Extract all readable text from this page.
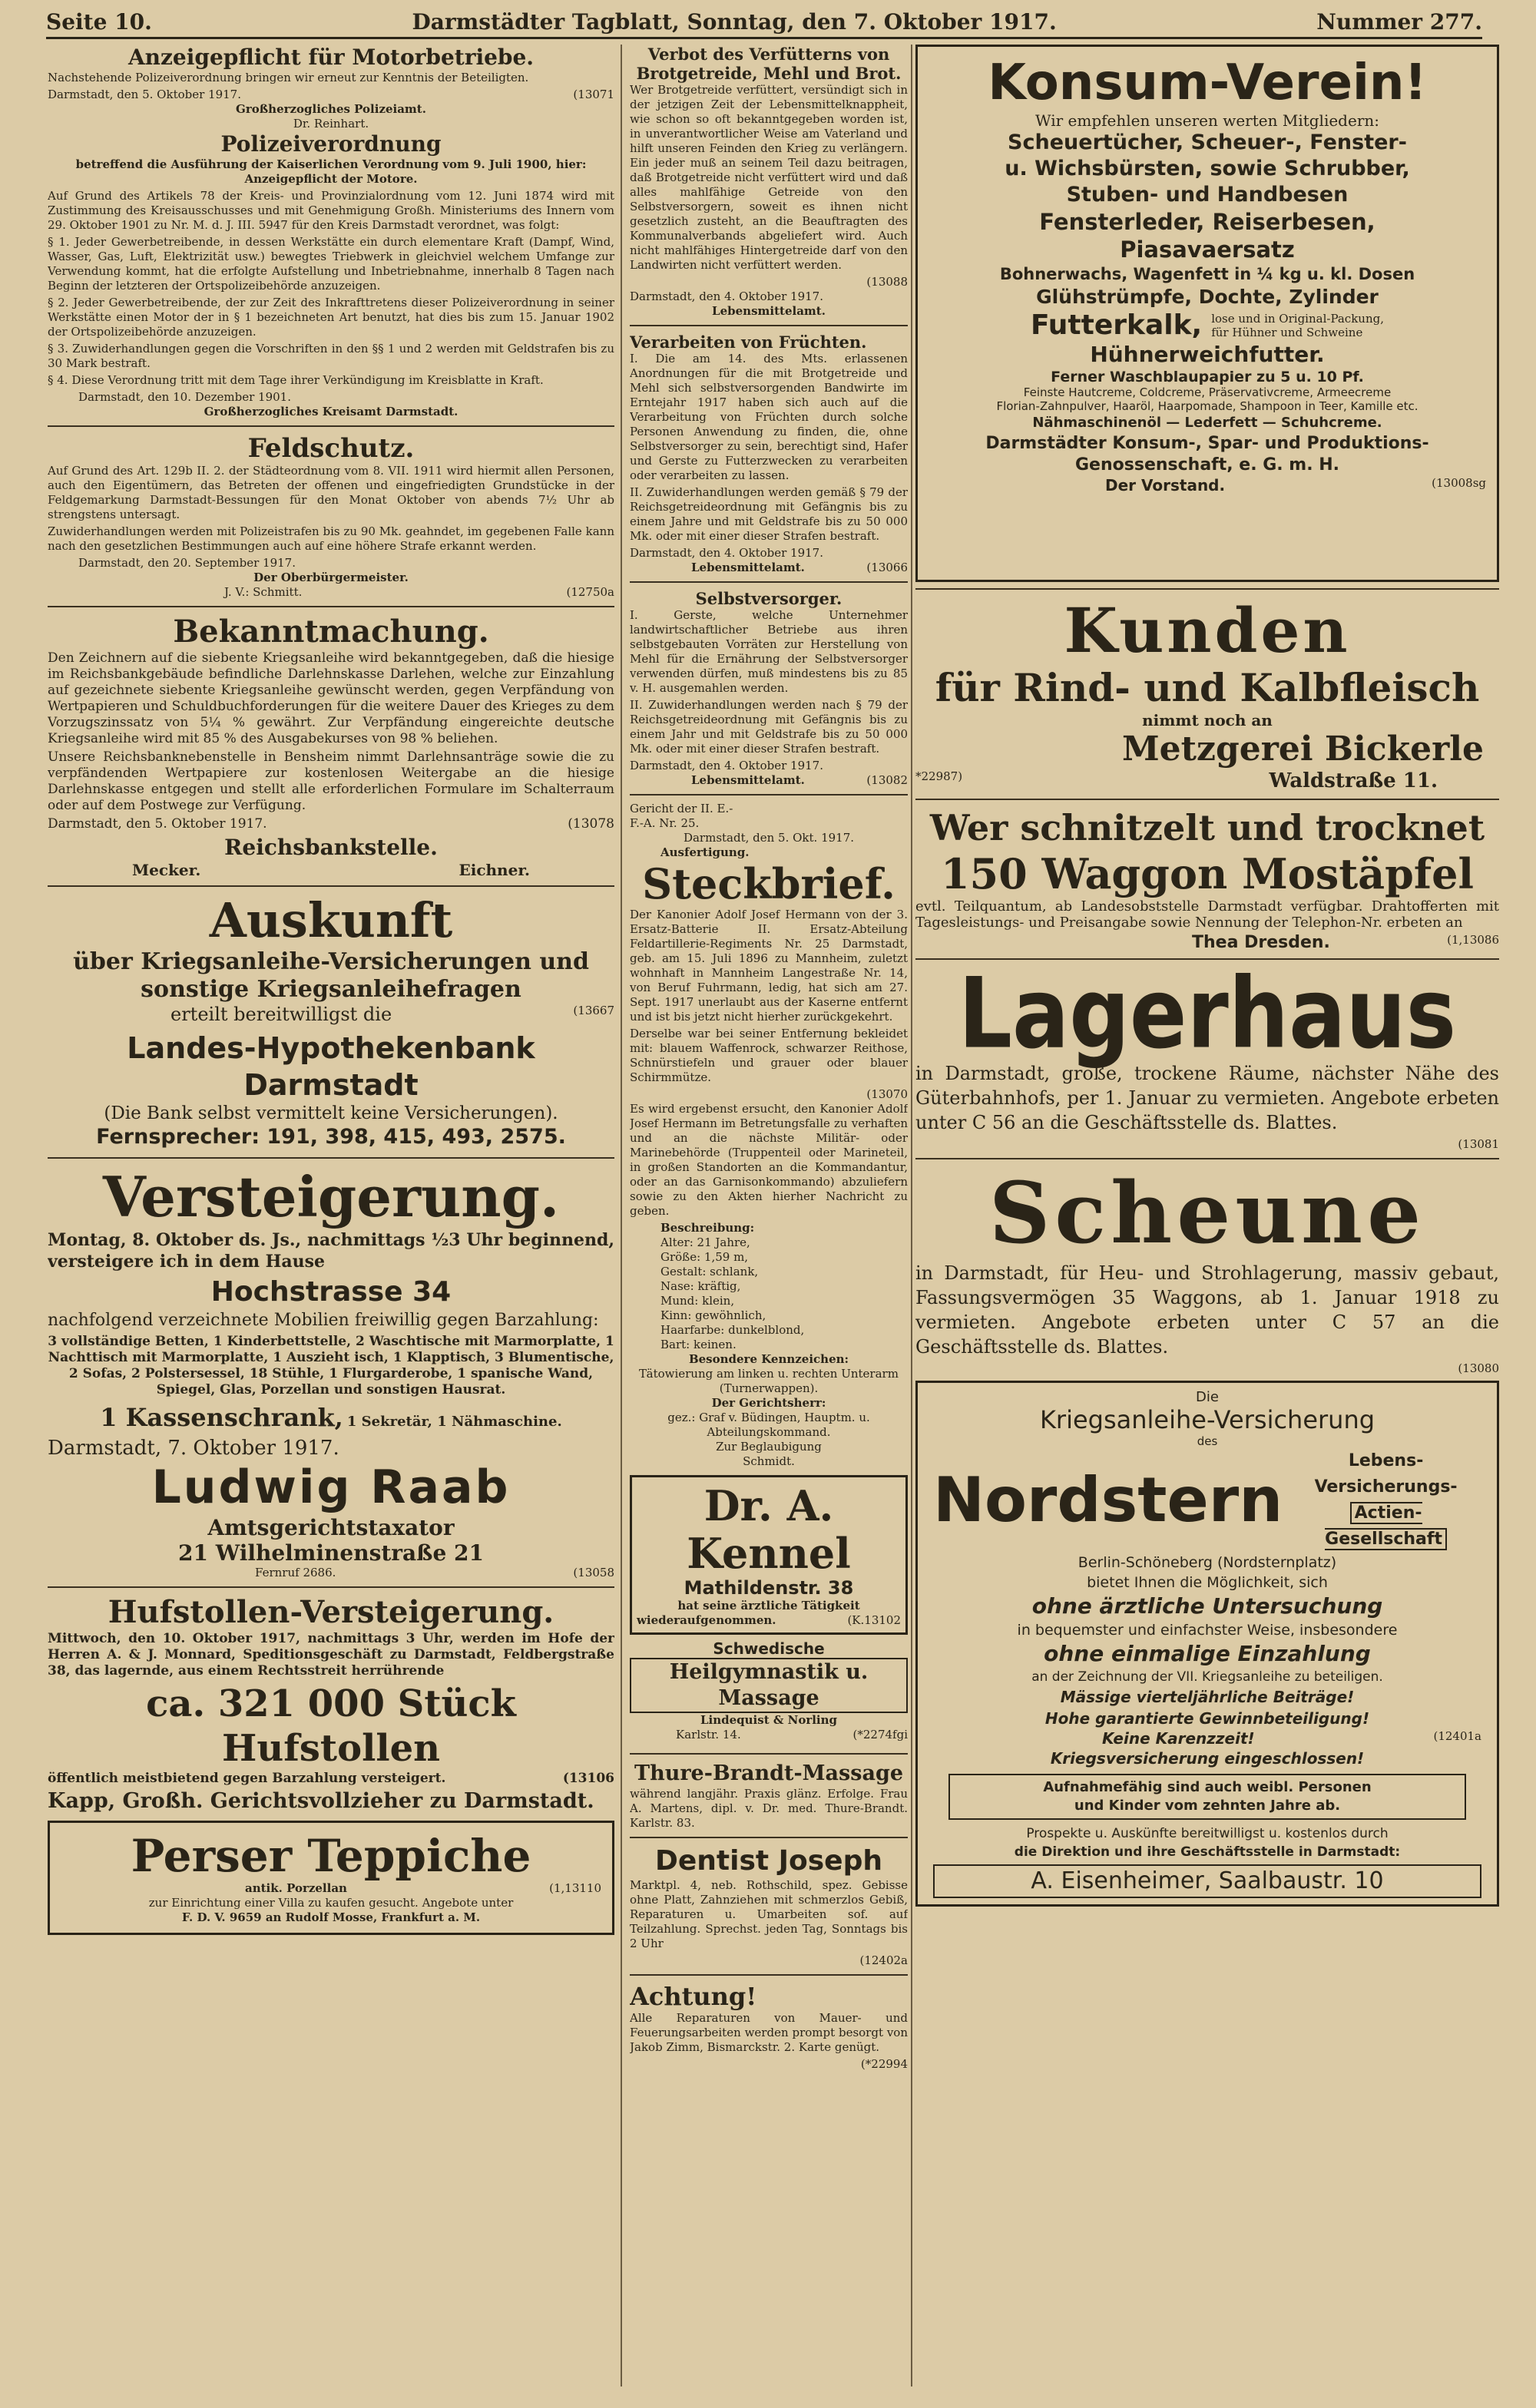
Seite 10.	Darmstädter Tagblatt, Sonntag, den 7. Oktober 1917.	Nummer 277.
Anzeigepflicht für Motorbetriebe.

Nachstehende Polizeiverordnung bringen wir erneut zur Kenntnis der Beteiligten.

Darmstadt, den 5. Oktober 1917.	(13071
Großherzogliches Polizeiamt.
Dr. Reinhart.
Polizeiverordnung

betreffend die Ausführung der Kaiserlichen Verordnung vom 9. Juli 1900, hier: Anzeigepflicht der Motore.

Auf Grund des Artikels 78 der Kreis- und Provinzialordnung vom 12. Juni 1874 wird mit Zustimmung des Kreisausschusses und mit Genehmigung Großh. Ministeriums des Innern vom 29. Oktober 1901 zu Nr. M. d. J. III. 5947 für den Kreis Darmstadt verordnet, was folgt:

§ 1. Jeder Gewerbetreibende, in dessen Werkstätte ein durch elementare Kraft (Dampf, Wind, Wasser, Gas, Luft, Elektrizität usw.) bewegtes Triebwerk in gleichviel welchem Umfange zur Verwendung kommt, hat die erfolgte Aufstellung und Inbetriebnahme, innerhalb 8 Tagen nach Beginn der letzteren der Ortspolizeibehörde anzuzeigen.

§ 2. Jeder Gewerbetreibende, der zur Zeit des Inkrafttretens dieser Polizeiverordnung in seiner Werkstätte einen Motor der in § 1 bezeichneten Art benutzt, hat dies bis zum 15. Januar 1902 der Ortspolizeibehörde anzuzeigen.

§ 3. Zuwiderhandlungen gegen die Vorschriften in den §§ 1 und 2 werden mit Geldstrafen bis zu 30 Mark bestraft.

§ 4. Diese Verordnung tritt mit dem Tage ihrer Verkündigung im Kreisblatte in Kraft.

Darmstadt, den 10. Dezember 1901.
Großherzogliches Kreisamt Darmstadt.
Feldschutz.

Auf Grund des Art. 129b II. 2. der Städteordnung vom 8. VII. 1911 wird hiermit allen Personen, auch den Eigentümern, das Betreten der offenen und eingefriedigten Grundstücke in der Feldgemarkung Darmstadt-Bessungen für den Monat Oktober von abends 7½ Uhr ab strengstens untersagt.

Zuwiderhandlungen werden mit Polizeistrafen bis zu 90 Mk. geahndet, im gegebenen Falle kann nach den gesetzlichen Bestimmungen auch auf eine höhere Strafe erkannt werden.

Darmstadt, den 20. September 1917.
Der Oberbürgermeister.
J. V.: Schmitt.	(12750a
Bekanntmachung.

Den Zeichnern auf die siebente Kriegsanleihe wird bekanntgegeben, daß die hiesige im Reichsbankgebäude befindliche Darlehnskasse Darlehen, welche zur Einzahlung auf gezeichnete siebente Kriegsanleihe gewünscht werden, gegen Verpfändung von Wertpapieren und Schuldbuchforderungen für die weitere Dauer des Krieges zu dem Vorzugszinssatz von 5¼ % gewährt. Zur Verpfändung eingereichte deutsche Kriegsanleihe wird mit 85 % des Ausgabekurses von 98 % beliehen.

Unsere Reichsbanknebenstelle in Bensheim nimmt Darlehnsanträge sowie die zu verpfändenden Wertpapiere zur kostenlosen Weitergabe an die hiesige Darlehnskasse entgegen und stellt alle erforderlichen Formulare im Schalterraum oder auf dem Postwege zur Verfügung.

Darmstadt, den 5. Oktober 1917.	(13078
Reichsbankstelle.
Mecker.	Eichner.
Auskunft
über Kriegsanleihe-Versicherungen und
sonstige Kriegsanleihefragen
erteilt bereitwilligst die	(13667
Landes-Hypothekenbank Darmstadt
(Die Bank selbst vermittelt keine Versicherungen).
Fernsprecher: 191, 398, 415, 493, 2575.
Versteigerung.

Montag, 8. Oktober ds. Js., nachmittags ½3 Uhr beginnend, versteigere ich in dem Hause

Hochstrasse 34

nachfolgend verzeichnete Mobilien freiwillig gegen Barzahlung:

3 vollständige Betten, 1 Kinderbettstelle, 2 Waschtische mit Marmorplatte, 1 Nachttisch mit Marmorplatte, 1 Auszieht isch, 1 Klapptisch, 3 Blumentische, 2 Sofas, 2 Polstersessel, 18 Stühle, 1 Flurgarderobe, 1 spanische Wand, Spiegel, Glas, Porzellan und sonstigen Hausrat.

1 Kassenschrank, 1 Sekretär, 1 Nähmaschine.
Darmstadt, 7. Oktober 1917.
Ludwig Raab
Amtsgerichtstaxator
21 Wilhelminenstraße 21
Fernruf 2686.	(13058
Hufstollen-Versteigerung.

Mittwoch, den 10. Oktober 1917, nachmittags 3 Uhr, werden im Hofe der Herren A. & J. Monnard, Speditionsgeschäft zu Darmstadt, Feldbergstraße 38, das lagernde, aus einem Rechtsstreit herrührende

ca. 321 000 Stück Hufstollen
öffentlich meistbietend gegen Barzahlung versteigert.	(13106
Kapp, Großh. Gerichtsvollzieher zu Darmstadt.
Perser Teppiche
antik. Porzellan	(1,13110
zur Einrichtung einer Villa zu kaufen gesucht. Angebote unter
F. D. V. 9659 an Rudolf Mosse, Frankfurt a. M.
Verbot des Verfütterns von Brotgetreide, Mehl und Brot.

Wer Brotgetreide verfüttert, versündigt sich in der jetzigen Zeit der Lebensmittelknappheit, wie schon so oft bekanntgegeben worden ist, in unverantwortlicher Weise am Vaterland und hilft unseren Feinden den Krieg zu verlängern. Ein jeder muß an seinem Teil dazu beitragen, daß Brotgetreide nicht verfüttert wird und daß alles mahlfähige Getreide von den Selbstversorgern, soweit es ihnen nicht gesetzlich zusteht, an die Beauftragten des Kommunalverbands abgeliefert wird. Auch nicht mahlfähiges Hintergetreide darf von den Landwirten nicht verfüttert werden.

(13088
Darmstadt, den 4. Oktober 1917.
Lebensmittelamt.
Verarbeiten von Früchten.

I. Die am 14. des Mts. erlassenen Anordnungen für die mit Brotgetreide und Mehl sich selbstversorgenden Bandwirte im Erntejahr 1917 haben sich auch auf die Verarbeitung von Früchten durch solche Personen Anwendung zu finden, die, ohne Selbstversorger zu sein, berechtigt sind, Hafer und Gerste zu Futterzwecken zu verarbeiten oder verarbeiten zu lassen.

II. Zuwiderhandlungen werden gemäß § 79 der Reichsgetreideordnung mit Gefängnis bis zu einem Jahre und mit Geldstrafe bis zu 50 000 Mk. oder mit einer dieser Strafen bestraft.

Darmstadt, den 4. Oktober 1917.
Lebensmittelamt.	(13066
Selbstversorger.

I. Gerste, welche Unternehmer landwirtschaftlicher Betriebe aus ihren selbstgebauten Vorräten zur Herstellung von Mehl für die Ernährung der Selbstversorger verwenden dürfen, muß mindestens bis zu 85 v. H. ausgemahlen werden.

II. Zuwiderhandlungen werden nach § 79 der Reichsgetreideordnung mit Gefängnis bis zu einem Jahr und mit Geldstrafe bis zu 50 000 Mk. oder mit einer dieser Strafen bestraft.

Darmstadt, den 4. Oktober 1917.
Lebensmittelamt.	(13082
Gericht der II. E.-F.-A. Nr. 25.
Darmstadt, den 5. Okt. 1917.
Ausfertigung.
Steckbrief.

Der Kanonier Adolf Josef Hermann von der 3. Ersatz-Batterie II. Ersatz-Abteilung Feldartillerie-Regiments Nr. 25 Darmstadt, geb. am 15. Juli 1896 zu Mannheim, zuletzt wohnhaft in Mannheim Langestraße Nr. 14, von Beruf Fuhrmann, ledig, hat sich am 27. Sept. 1917 unerlaubt aus der Kaserne entfernt und ist bis jetzt nicht hierher zurückgekehrt.

Derselbe war bei seiner Entfernung bekleidet mit: blauem Waffenrock, schwarzer Reithose, Schnürstiefeln und grauer oder blauer Schirmmütze.

(13070

Es wird ergebenst ersucht, den Kanonier Adolf Josef Hermann im Betretungsfalle zu verhaften und an die nächste Militär- oder Marinebehörde (Truppenteil oder Marineteil, in großen Standorten an die Kommandantur, oder an das Garnisonkommando) abzuliefern sowie zu den Akten hierher Nachricht zu geben.

Beschreibung:
Alter: 21 Jahre,
Größe: 1,59 m,
Gestalt: schlank,
Nase: kräftig,
Mund: klein,
Kinn: gewöhnlich,
Haarfarbe: dunkelblond,
Bart: keinen.
Besondere Kennzeichen:
Tätowierung am linken u. rechten Unterarm (Turnerwappen).
Der Gerichtsherr:
gez.: Graf v. Büdingen, Hauptm. u. Abteilungskommand.
Zur Beglaubigung
Schmidt.
Dr. A. Kennel
Mathildenstr. 38
hat seine ärztliche Tätigkeit
wiederaufgenommen.	(K.13102
Schwedische
Heilgymnastik u. Massage
Lindequist & Norling
Karlstr. 14.	(*2274fgi
Thure-Brandt-Massage

während langjähr. Praxis glänz. Erfolge. Frau A. Martens, dipl. v. Dr. med. Thure-Brandt. Karlstr. 83.

Dentist Joseph

Marktpl. 4, neb. Rothschild, spez. Gebisse ohne Platt, Zahnziehen mit schmerzlos Gebiß, Reparaturen u. Umarbeiten sof. auf Teilzahlung. Sprechst. jeden Tag, Sonntags bis 2 Uhr

(12402a
Achtung!

Alle Reparaturen von Mauer- und Feuerungsarbeiten werden prompt besorgt von Jakob Zimm, Bismarckstr. 2. Karte genügt.

(*22994
Konsum-Verein!
Wir empfehlen unseren werten Mitgliedern:
Scheuertücher, Scheuer-, Fenster-
u. Wichsbürsten, sowie Schrubber,
Stuben- und Handbesen
Fensterleder, Reiserbesen,
Piasavaersatz
Bohnerwachs, Wagenfett in ¼ kg u. kl. Dosen
Glühstrümpfe, Dochte, Zylinder
Futterkalk, lose und in Original-Packung,
für Hühner und Schweine
Hühnerweichfutter.
Ferner Waschblaupapier zu 5 u. 10 Pf.
Feinste Hautcreme, Coldcreme, Präservativcreme, Armeecreme
Florian-Zahnpulver, Haaröl, Haarpomade, Shampoon in Teer, Kamille etc.
Nähmaschinenöl — Lederfett — Schuhcreme.
Darmstädter Konsum-, Spar- und Produktions-
Genossenschaft, e. G. m. H.
Der Vorstand.	(13008sg
Kunden
für Rind- und Kalbfleisch
nimmt noch an
Metzgerei Bickerle
*22987)	Waldstraße 11.
Wer schnitzelt und trocknet
150 Waggon Mostäpfel

evtl. Teilquantum, ab Landesobststelle Darmstadt verfügbar. Drahtofferten mit Tagesleistungs- und Preisangabe sowie Nennung der Telephon-Nr. erbeten an

Thea Dresden.	(1,13086
Lagerhaus

in Darmstadt, große, trockene Räume, nächster Nähe des Güterbahnhofs, per 1. Januar zu vermieten. Angebote erbeten unter C 56 an die Geschäftsstelle ds. Blattes.

(13081
Scheune

in Darmstadt, für Heu- und Strohlagerung, massiv gebaut, Fassungsvermögen 35 Waggons, ab 1. Januar 1918 zu vermieten. Angebote erbeten unter C 57 an die Geschäftsstelle ds. Blattes.

(13080
Die
Kriegsanleihe-Versicherung
des
Nordstern
Lebens-Versicherungs-
Actien-Gesellschaft
Berlin-Schöneberg (Nordsternplatz)
bietet Ihnen die Möglichkeit, sich
ohne ärztliche Untersuchung
in bequemster und einfachster Weise, insbesondere
ohne einmalige Einzahlung
an der Zeichnung der VII. Kriegsanleihe zu beteiligen.
Mässige vierteljährliche Beiträge!
Hohe garantierte Gewinnbeteiligung!
Keine Karenzzeit!	(12401a
Kriegsversicherung eingeschlossen!
Aufnahmefähig sind auch weibl. Personen
und Kinder vom zehnten Jahre ab.
Prospekte u. Auskünfte bereitwilligst u. kostenlos durch
die Direktion und ihre Geschäftsstelle in Darmstadt:
A. Eisenheimer, Saalbaustr. 10
